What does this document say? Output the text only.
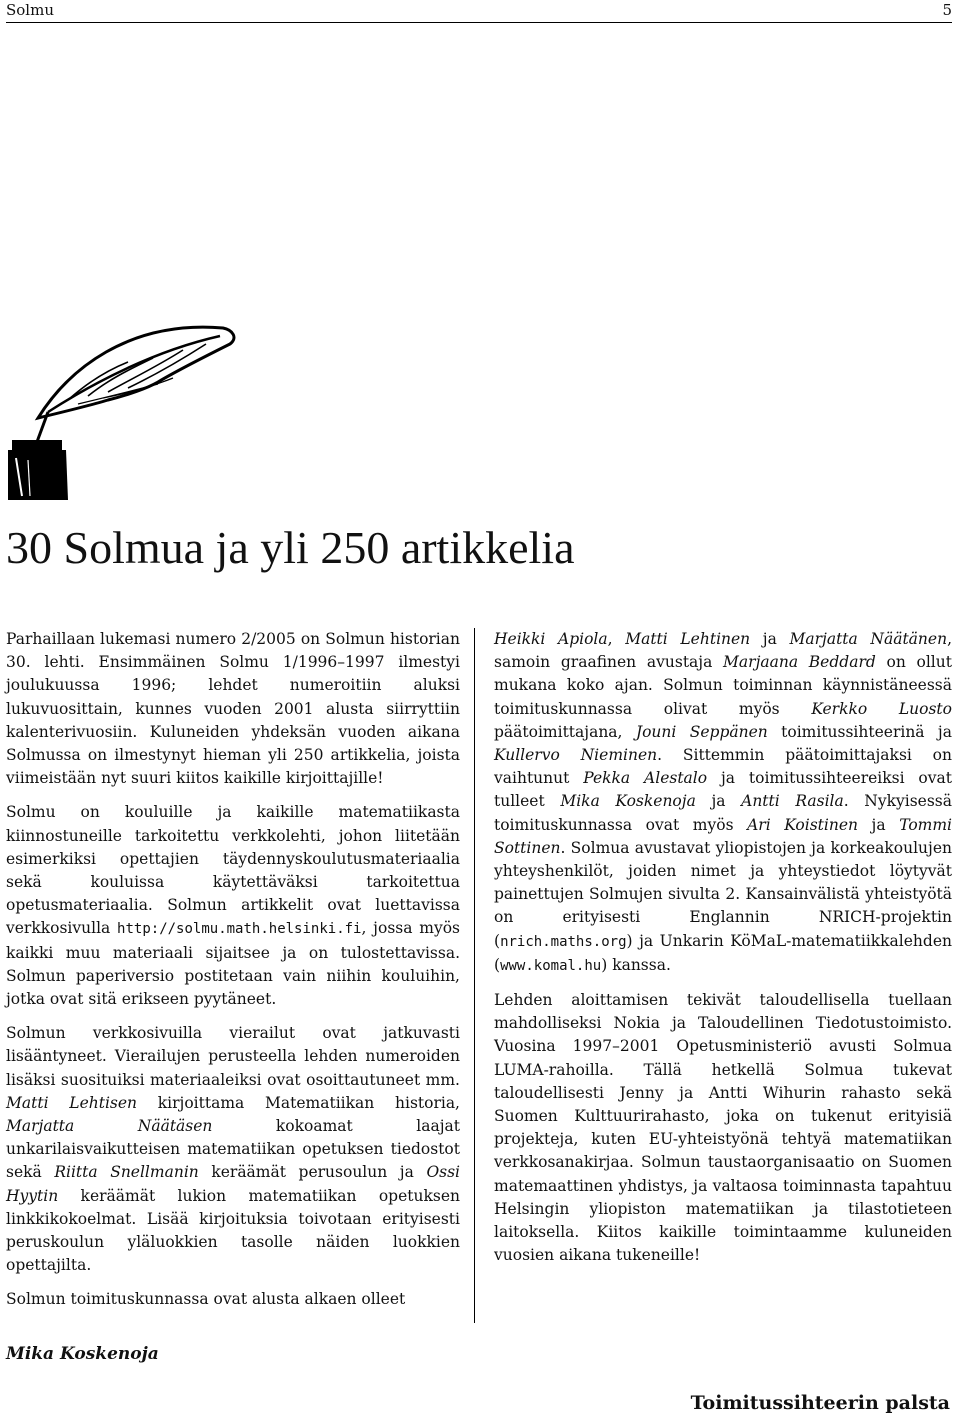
Solmu	5
30 Solmua ja yli 250 artikkelia

Parhaillaan lukemasi numero 2/2005 on Solmun historian 30. lehti. Ensimmäinen Solmu 1/1996–1997 ilmestyi joulukuussa 1996; lehdet numeroitiin aluksi lukuvuosittain, kunnes vuoden 2001 alusta siirryttiin kalenterivuosiin. Kuluneiden yhdeksän vuoden aikana Solmussa on ilmestynyt hieman yli 250 artikkelia, joista viimeistään nyt suuri kiitos kaikille kirjoittajille!

Solmu on kouluille ja kaikille matematiikasta kiinnostuneille tarkoitettu verkkolehti, johon liitetään esimerkiksi opettajien täydennyskoulutusmateriaalia sekä kouluissa käytettäväksi tarkoitettua opetusmateriaalia. Solmun artikkelit ovat luettavissa verkkosivulla http://solmu.math.helsinki.fi, jossa myös kaikki muu materiaali sijaitsee ja on tulostettavissa. Solmun paperiversio postitetaan vain niihin kouluihin, jotka ovat sitä erikseen pyytäneet.

Solmun verkkosivuilla vierailut ovat jatkuvasti lisääntyneet. Vierailujen perusteella lehden numeroiden lisäksi suosituiksi materiaaleiksi ovat osoittautuneet mm. Matti Lehtisen kirjoittama Matematiikan historia, Marjatta Näätäsen kokoamat laajat unkarilaisvaikutteisen matematiikan opetuksen tiedostot sekä Riitta Snellmanin keräämät perusoulun ja Ossi Hyytin keräämät lukion matematiikan opetuksen linkkikokoelmat. Lisää kirjoituksia toivotaan erityisesti peruskoulun yläluokkien tasolle näiden luokkien opettajilta.

Solmun toimituskunnassa ovat alusta alkaen olleet

Heikki Apiola, Matti Lehtinen ja Marjatta Näätänen, samoin graafinen avustaja Marjaana Beddard on ollut mukana koko ajan. Solmun toiminnan käynnistäneessä toimituskunnassa olivat myös Kerkko Luosto päätoimittajana, Jouni Seppänen toimitussihteerinä ja Kullervo Nieminen. Sittemmin päätoimittajaksi on vaihtunut Pekka Alestalo ja toimitussihteereiksi ovat tulleet Mika Koskenoja ja Antti Rasila. Nykyisessä toimituskunnassa ovat myös Ari Koistinen ja Tommi Sottinen. Solmua avustavat yliopistojen ja korkeakoulujen yhteyshenkilöt, joiden nimet ja yhteystiedot löytyvät painettujen Solmujen sivulta 2. Kansainvälistä yhteistyötä on erityisesti Englannin NRICH-projektin (nrich.maths.org) ja Unkarin KöMaL-matematiikkalehden (www.komal.hu) kanssa.

Lehden aloittamisen tekivät taloudellisella tuellaan mahdolliseksi Nokia ja Taloudellinen Tiedotustoimisto. Vuosina 1997–2001 Opetusministeriö avusti Solmua LUMA-rahoilla. Tällä hetkellä Solmua tukevat taloudellisesti Jenny ja Antti Wihurin rahasto sekä Suomen Kulttuurirahasto, joka on tukenut erityisiä projekteja, kuten EU-yhteistyönä tehtyä matematiikan verkkosanakirjaa. Solmun taustaorganisaatio on Suomen matemaattinen yhdistys, ja valtaosa toiminnasta tapahtuu Helsingin yliopiston matematiikan ja tilastotieteen laitoksella. Kiitos kaikille toimintaamme kuluneiden vuosien aikana tukeneille!

Mika Koskenoja
Toimitussihteerin palsta
